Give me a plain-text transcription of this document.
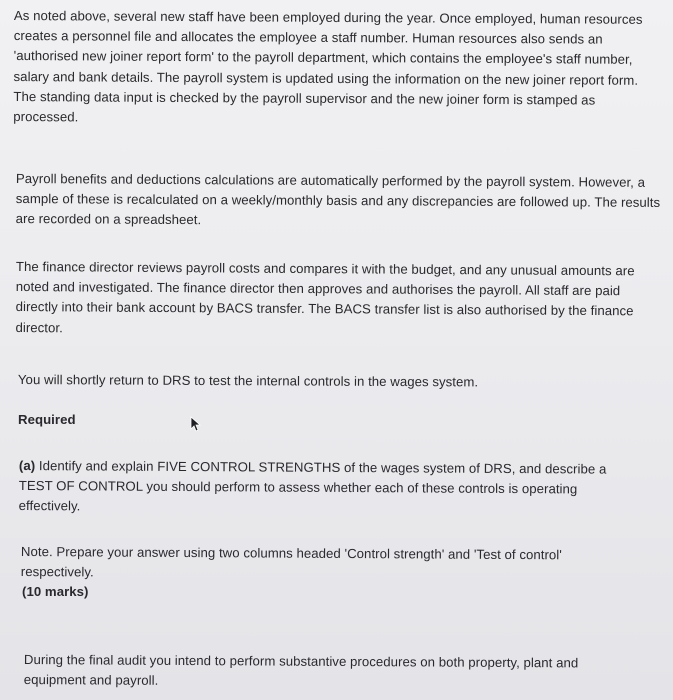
As noted above, several new staff have been employed during the year. Once employed, human resources creates a personnel file and allocates the employee a staff number. Human resources also sends an 'authorised new joiner report form' to the payroll department, which contains the employee's staff number, salary and bank details. The payroll system is updated using the information on the new joiner report form. The standing data input is checked by the payroll supervisor and the new joiner form is stamped as processed.

Payroll benefits and deductions calculations are automatically performed by the payroll system. However, a sample of these is recalculated on a weekly/monthly basis and any discrepancies are followed up. The results are recorded on a spreadsheet.

The finance director reviews payroll costs and compares it with the budget, and any unusual amounts are noted and investigated. The finance director then approves and authorises the payroll. All staff are paid directly into their bank account by BACS transfer. The BACS transfer list is also authorised by the finance director.

You will shortly return to DRS to test the internal controls in the wages system.

Required

(a) Identify and explain FIVE CONTROL STRENGTHS of the wages system of DRS, and describe a TEST OF CONTROL you should perform to assess whether each of these controls is operating effectively.

Note. Prepare your answer using two columns headed 'Control strength' and 'Test of control' respectively.

(10 marks)

During the final audit you intend to perform substantive procedures on both property, plant and equipment and payroll.
